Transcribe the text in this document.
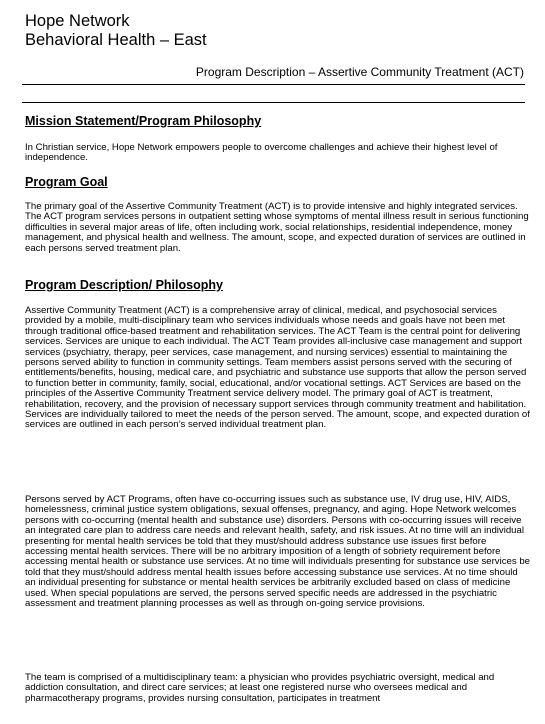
Hope Network
Behavioral Health – East
Program Description – Assertive Community Treatment (ACT)
Mission Statement/Program Philosophy
In Christian service, Hope Network empowers people to overcome challenges and achieve their highest level of independence.
Program Goal
The primary goal of the Assertive Community Treatment (ACT) is to provide intensive and highly integrated services. The ACT program services persons in outpatient setting whose symptoms of mental illness result in serious functioning difficulties in several major areas of life, often including work, social relationships, residential independence, money management, and physical health and wellness. The amount, scope, and expected duration of services are outlined in each persons served treatment plan.
Program Description/ Philosophy
Assertive Community Treatment (ACT) is a comprehensive array of clinical, medical, and psychosocial services provided by a mobile, multi-disciplinary team who services individuals whose needs and goals have not been met through traditional office-based treatment and rehabilitation services. The ACT Team is the central point for delivering services. Services are unique to each individual. The ACT Team provides all-inclusive case management and support services (psychiatry, therapy, peer services, case management, and nursing services) essential to maintaining the persons served ability to function in community settings. Team members assist persons served with the securing of entitlements/benefits, housing, medical care, and psychiatric and substance use supports that allow the person served to function better in community, family, social, educational, and/or vocational settings. ACT Services are based on the principles of the Assertive Community Treatment service delivery model. The primary goal of ACT is treatment, rehabilitation, recovery, and the provision of necessary support services through community treatment and habilitation. Services are individually tailored to meet the needs of the person served. The amount, scope, and expected duration of services are outlined in each person’s served individual treatment plan.
Persons served by ACT Programs, often have co-occurring issues such as substance use, IV drug use, HIV, AIDS, homelessness, criminal justice system obligations, sexual offenses, pregnancy, and aging. Hope Network welcomes persons with co-occurring (mental health and substance use) disorders. Persons with co-occurring issues will receive an integrated care plan to address care needs and relevant health, safety, and risk issues. At no time will an individual presenting for mental health services be told that they must/should address substance use issues first before accessing mental health services. There will be no arbitrary imposition of a length of sobriety requirement before accessing mental health or substance use services. At no time will individuals presenting for substance use services be told that they must/should address mental health issues before accessing substance use services. At no time should an individual presenting for substance or mental health services be arbitrarily excluded based on class of medicine used. When special populations are served, the persons served specific needs are addressed in the psychiatric assessment and treatment planning processes as well as through on-going service provisions.
The team is comprised of a multidisciplinary team: a physician who provides psychiatric oversight, medical and addiction consultation, and direct care services; at least one registered nurse who oversees medical and pharmacotherapy programs, provides nursing consultation, participates in treatment
